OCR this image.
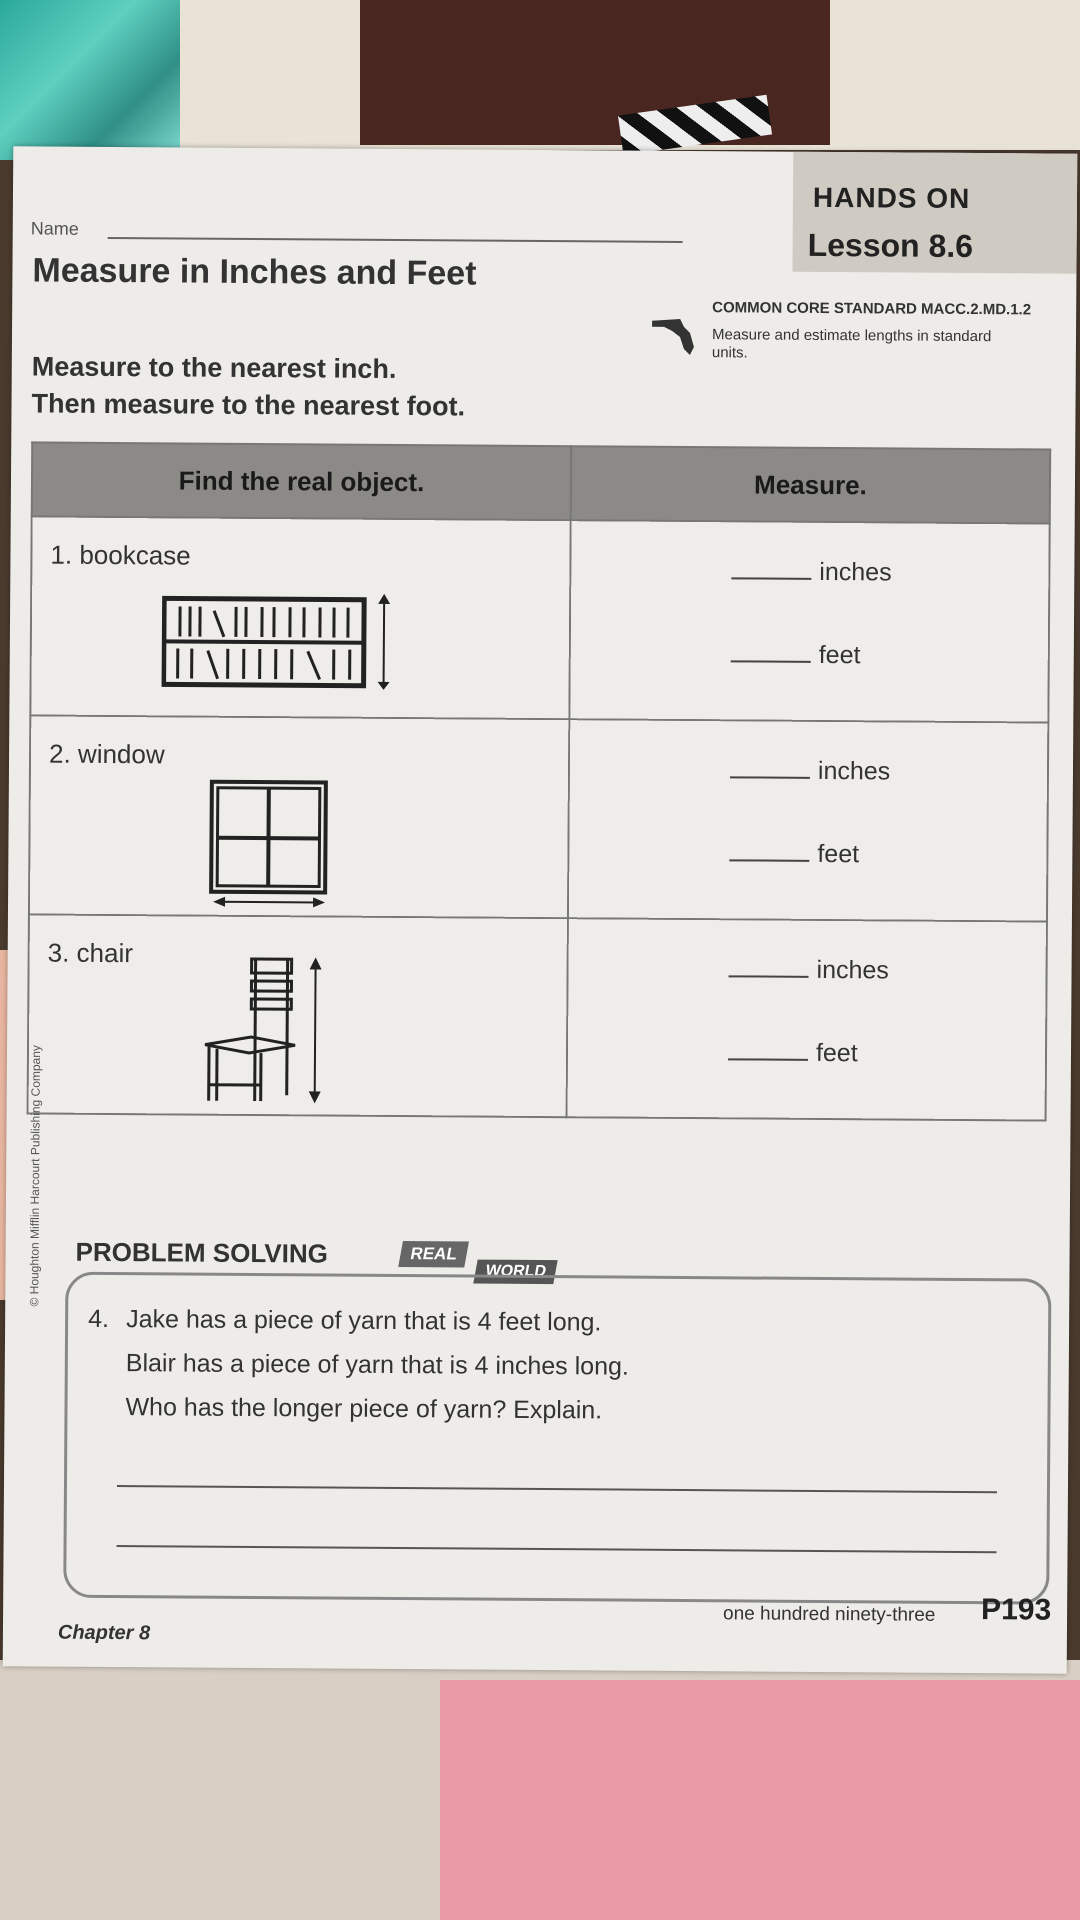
HANDS ON
Lesson 8.6
Name
Measure in Inches and Feet
COMMON CORE STANDARD MACC.2.MD.1.2
Measure and estimate lengths in standard units.
Measure to the nearest inch.
Then measure to the nearest foot.
Find the real object.	Measure.

1. bookcase	inches
feet

2. window	inches
feet

3. chair	inches
feet
PROBLEM SOLVING	REAL
WORLD
4. Jake has a piece of yarn that is 4 feet long.
Blair has a piece of yarn that is 4 inches long.
Who has the longer piece of yarn? Explain.
© Houghton Mifflin Harcourt Publishing Company
Chapter 8
one hundred ninety-three P193
